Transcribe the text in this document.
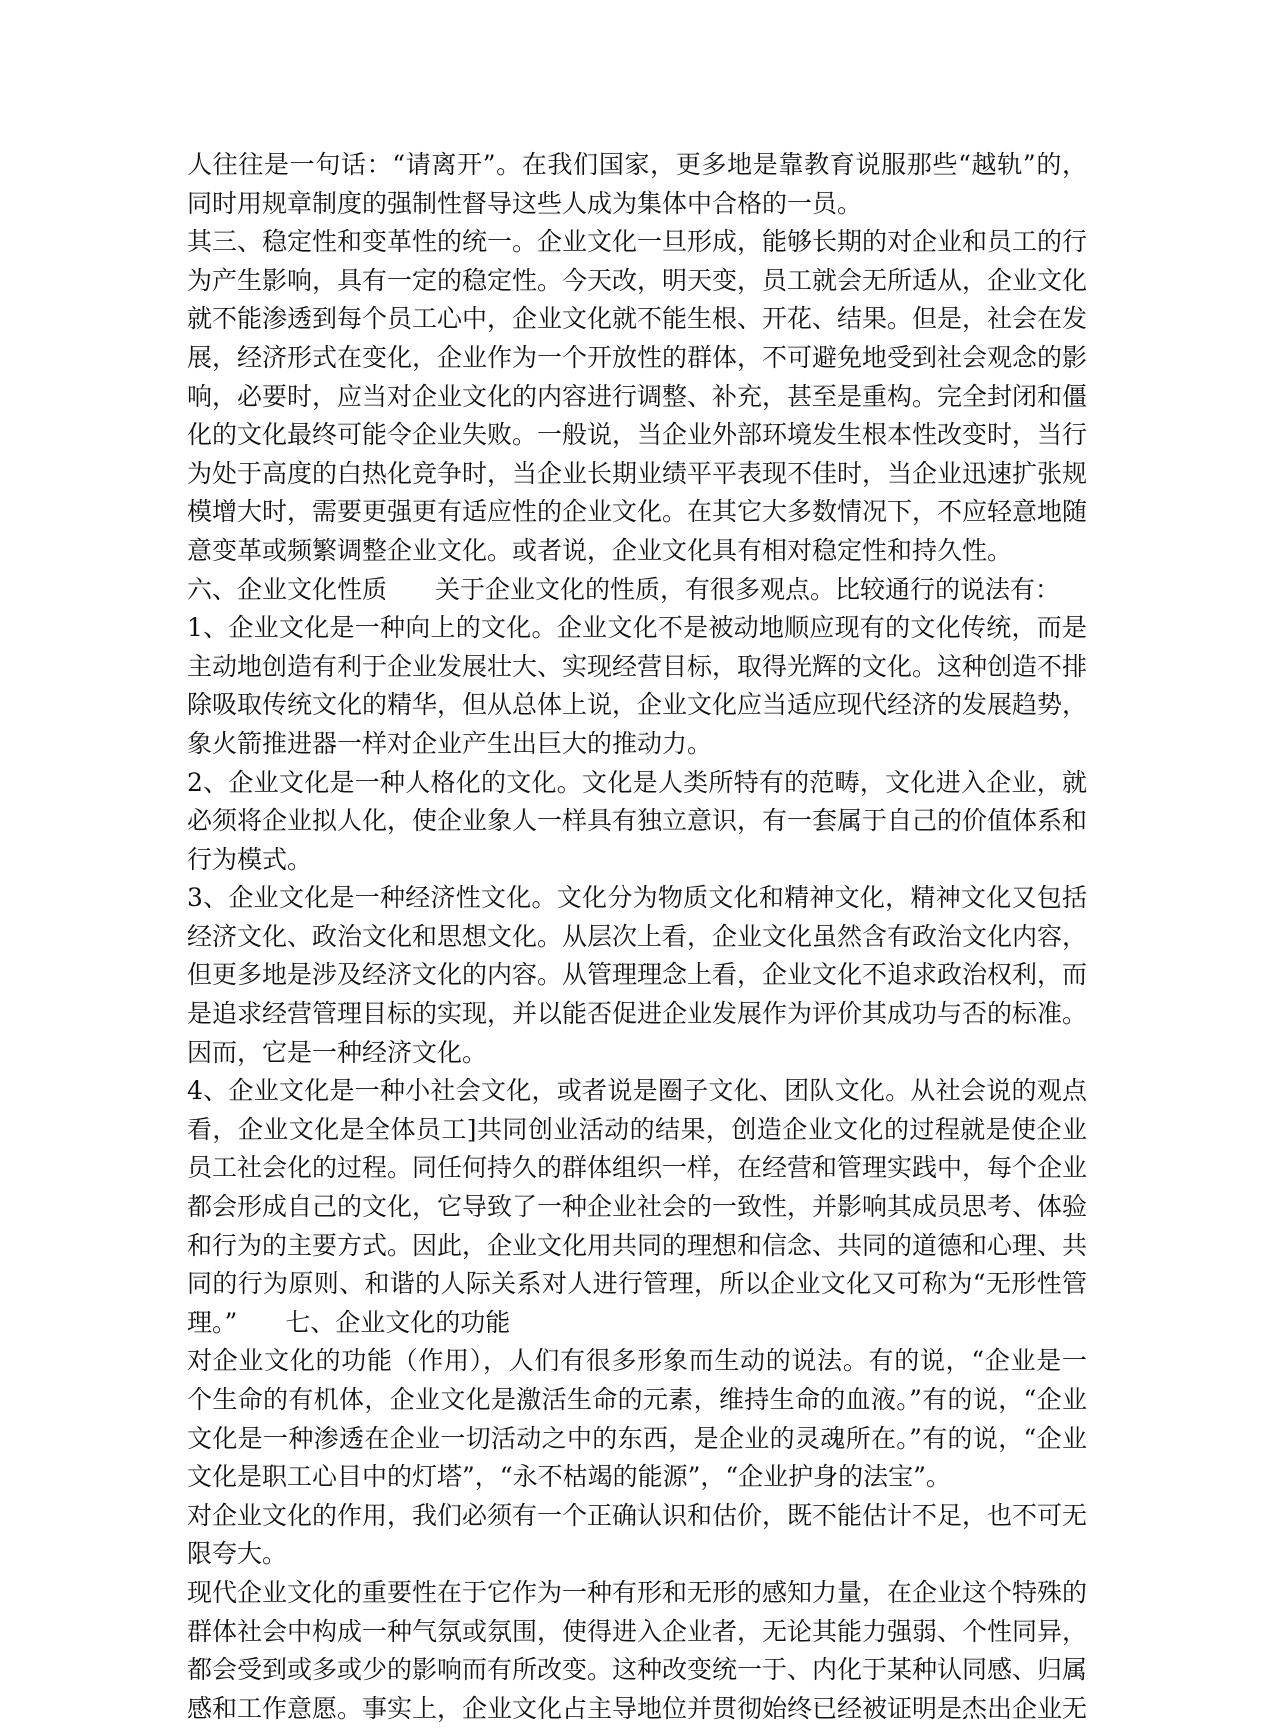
人往往是一句话：“请离开”。在我们国家，更多地是靠教育说服那些“越轨”的，同时用规章制度的强制性督导这些人成为集体中合格的一员。

其三、稳定性和变革性的统一。企业文化一旦形成，能够长期的对企业和员工的行为产生影响，具有一定的稳定性。今天改，明天变，员工就会无所适从，企业文化就不能渗透到每个员工心中，企业文化就不能生根、开花、结果。但是，社会在发展，经济形式在变化，企业作为一个开放性的群体，不可避免地受到社会观念的影响，必要时，应当对企业文化的内容进行调整、补充，甚至是重构。完全封闭和僵化的文化最终可能令企业失败。一般说，当企业外部环境发生根本性改变时，当行为处于高度的白热化竞争时，当企业长期业绩平平表现不佳时，当企业迅速扩张规模增大时，需要更强更有适应性的企业文化。在其它大多数情况下，不应轻意地随意变革或频繁调整企业文化。或者说，企业文化具有相对稳定性和持久性。

六、企业文化性质 关于企业文化的性质，有很多观点。比较通行的说法有：

1、企业文化是一种向上的文化。企业文化不是被动地顺应现有的文化传统，而是主动地创造有利于企业发展壮大、实现经营目标，取得光辉的文化。这种创造不排除吸取传统文化的精华，但从总体上说，企业文化应当适应现代经济的发展趋势，象火箭推进器一样对企业产生出巨大的推动力。

2、企业文化是一种人格化的文化。文化是人类所特有的范畴，文化进入企业，就必须将企业拟人化，使企业象人一样具有独立意识，有一套属于自己的价值体系和行为模式。

3、企业文化是一种经济性文化。文化分为物质文化和精神文化，精神文化又包括经济文化、政治文化和思想文化。从层次上看，企业文化虽然含有政治文化内容，但更多地是涉及经济文化的内容。从管理理念上看，企业文化不追求政治权利，而是追求经营管理目标的实现，并以能否促进企业发展作为评价其成功与否的标准。因而，它是一种经济文化。

4、企业文化是一种小社会文化，或者说是圈子文化、团队文化。从社会说的观点看，企业文化是全体员工]共同创业活动的结果，创造企业文化的过程就是使企业员工社会化的过程。同任何持久的群体组织一样，在经营和管理实践中，每个企业都会形成自己的文化，它导致了一种企业社会的一致性，并影响其成员思考、体验和行为的主要方式。因此，企业文化用共同的理想和信念、共同的道德和心理、共同的行为原则、和谐的人际关系对人进行管理，所以企业文化又可称为“无形性管理。” 七、企业文化的功能

对企业文化的功能（作用），人们有很多形象而生动的说法。有的说，“企业是一个生命的有机体，企业文化是激活生命的元素，维持生命的血液。”有的说，“企业文化是一种渗透在企业一切活动之中的东西，是企业的灵魂所在。”有的说，“企业文化是职工心目中的灯塔”，“永不枯竭的能源”，“企业护身的法宝”。

对企业文化的作用，我们必须有一个正确认识和估价，既不能估计不足，也不可无限夸大。

现代企业文化的重要性在于它作为一种有形和无形的感知力量，在企业这个特殊的群体社会中构成一种气氛或氛围，使得进入企业者，无论其能力强弱、个性同异，都会受到或多或少的影响而有所改变。这种改变统一于、内化于某种认同感、归属感和工作意愿。事实上，企业文化占主导地位并贯彻始终已经被证明是杰出企业无
